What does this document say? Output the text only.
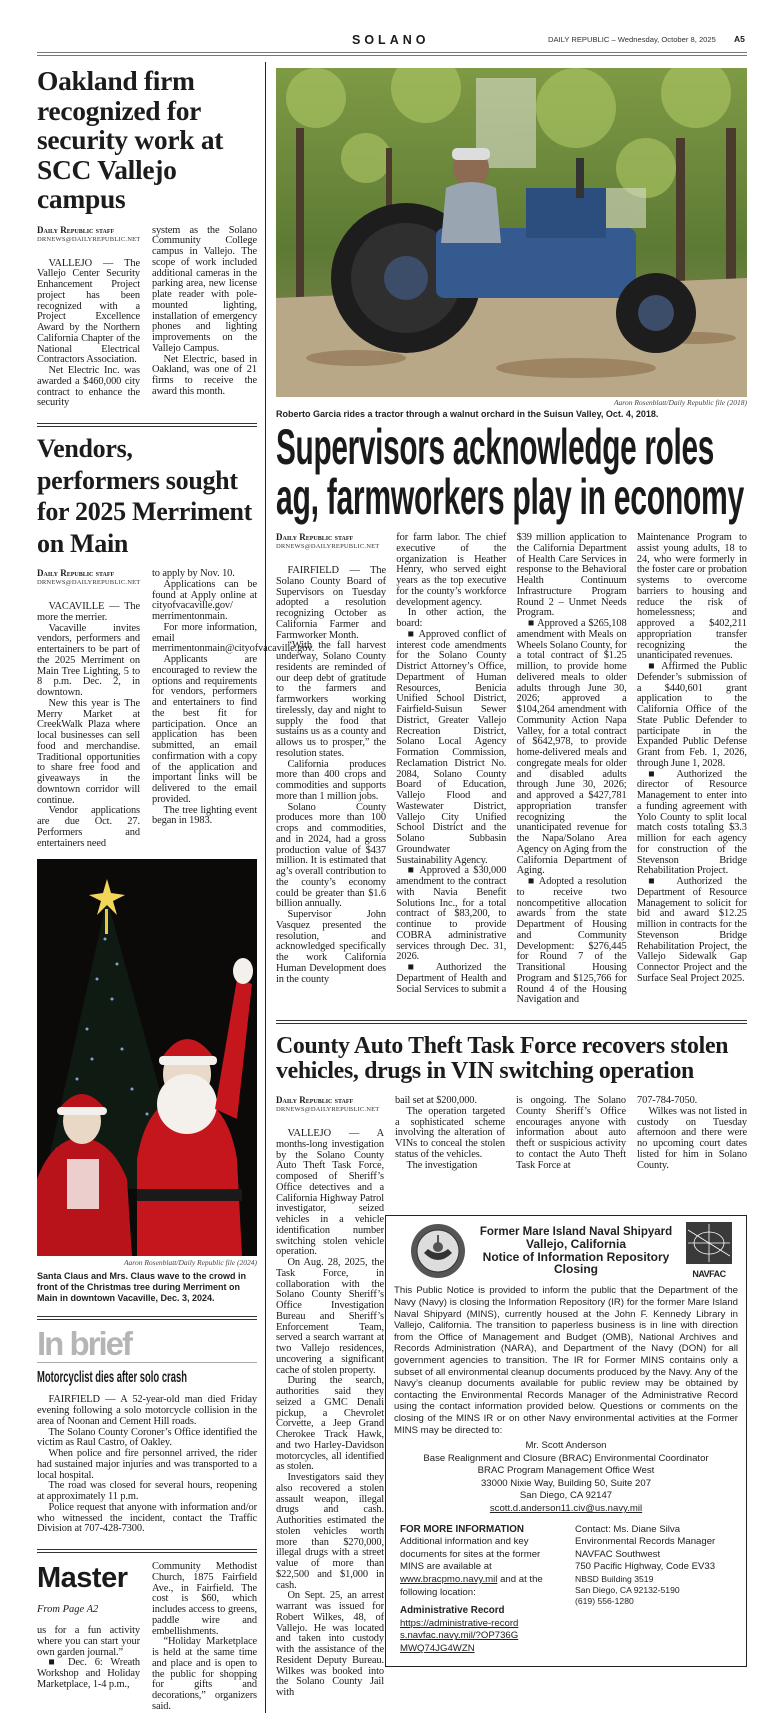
SOLANO	DAILY REPUBLIC – Wednesday, October 8, 2025 A5
Oakland firm recognized for security work at SCC Vallejo campus
Daily Republic staff
DRNEWS@DAILYREPUBLIC.NET

VALLEJO — The Vallejo Center Security Enhancement Project project has been recognized with a Project Excellence Award by the Northern California Chapter of the National Electrical Contractors Association.

Net Electric Inc. was awarded a $460,000 city contract to enhance the security

system as the Solano Community College campus in Vallejo. The scope of work included additional cameras in the parking area, new license plate reader with pole-mounted lighting, installation of emergency phones and lighting improvements on the Vallejo Campus.

Net Electric, based in Oakland, was one of 21 firms to receive the award this month.

Vendors, performers sought for 2025 Merriment on Main
Daily Republic staff
DRNEWS@DAILYREPUBLIC.NET

VACAVILLE — The more the merrier.

Vacaville invites vendors, performers and entertainers to be part of the 2025 Merriment on Main Tree Lighting, 5 to 8 p.m. Dec. 2, in downtown.

New this year is The Merry Market at CreekWalk Plaza where local businesses can sell food and merchandise. Traditional opportunities to share free food and giveaways in the downtown corridor will continue.

Vendor applications are due Oct. 27. Performers and entertainers need

to apply by Nov. 10.

Applications can be found at Apply online at cityofvacaville.gov/ merrimentonmain.

For more information, email merrimentonmain@cityofvacaville.gov.

Applicants are encouraged to review the options and requirements for vendors, performers and entertainers to find the best fit for participation. Once an application has been submitted, an email confirmation with a copy of the application and important links will be delivered to the email provided.

The tree lighting event began in 1983.

Aaron Rosenblatt/Daily Republic file (2024)
Santa Claus and Mrs. Claus wave to the crowd in front of the Christmas tree during Merriment on Main in downtown Vacaville, Dec. 3, 2024.
In brief
Motorcyclist dies after solo crash

FAIRFIELD — A 52-year-old man died Friday evening following a solo motorcycle collision in the area of Noonan and Cement Hill roads.

The Solano County Coroner’s Office identified the victim as Raul Castro, of Oakley.

When police and fire personnel arrived, the rider had sustained major injuries and was transported to a local hospital.

The road was closed for several hours, reopening at approximately 11 p.m.

Police request that anyone with information and/or who witnessed the incident, contact the Traffic Division at 707-428-7300.

Master
From Page A2

us for a fun activity where you can start your own garden journal.”

■ Dec. 6: Wreath Workshop and Holiday Marketplace, 1-4 p.m.,

Community Methodist Church, 1875 Fairfield Ave., in Fairfield. The cost is $60, which includes access to greens, paddle wire and embellishments.

“Holiday Marketplace is held at the same time and place and is open to the public for shopping for gifts and decorations,” organizers said.

Aaron Rosenblatt/Daily Republic file (2018)
Roberto Garcia rides a tractor through a walnut orchard in the Suisun Valley, Oct. 4, 2018.
Supervisors acknowledge roles
ag, farmworkers play in economy
Daily Republic staff
DRNEWS@DAILYREPUBLIC.NET

FAIRFIELD — The Solano County Board of Supervisors on Tuesday adopted a resolution recognizing October as California Farmer and Farmworker Month.

“With the fall harvest underway, Solano County residents are reminded of our deep debt of gratitude to the farmers and farmworkers working tirelessly, day and night to supply the food that sustains us as a county and allows us to prosper,” the resolution states.

California produces more than 400 crops and commodities and supports more than 1 million jobs.

Solano County produces more than 100 crops and commodities, and in 2024, had a gross production value of $437 million. It is estimated that ag’s overall contribution to the county’s economy could be greater than $1.6 billion annually.

Supervisor John Vasquez presented the resolution, and acknowledged specifically the work California Human Development does in the county

for farm labor. The chief executive of the organization is Heather Henry, who served eight years as the top executive for the county’s workforce development agency.

In other action, the board:

■ Approved conflict of interest code amendments for the Solano County District Attorney’s Office, Department of Human Resources, Benicia Unified School District, Fairfield-Suisun Sewer District, Greater Vallejo Recreation District, Solano Local Agency Formation Commission, Reclamation District No. 2084, Solano County Board of Education, Vallejo Flood and Wastewater District, Vallejo City Unified School District and the Solano Subbasin Groundwater Sustainability Agency.

■ Approved a $30,000 amendment to the contract with Navia Benefit Solutions Inc., for a total contract of $83,200, to continue to provide COBRA administrative services through Dec. 31, 2026.

■ Authorized the Department of Health and Social Services to submit a

$39 million application to the California Department of Health Care Services in response to the Behavioral Health Continuum Infrastructure Program Round 2 – Unmet Needs Program.

■ Approved a $265,108 amendment with Meals on Wheels Solano County, for a total contract of $1.25 million, to provide home delivered meals to older adults through June 30, 2026; approved a $104,264 amendment with Community Action Napa Valley, for a total contract of $642,978, to provide home-delivered meals and congregate meals for older and disabled adults through June 30, 2026; and approved a $427,781 appropriation transfer recognizing the unanticipated revenue for the Napa/Solano Area Agency on Aging from the California Department of Aging.

■ Adopted a resolution to receive two noncompetitive allocation awards from the state Department of Housing and Community Development: $276,445 for Round 7 of the Transitional Housing Program and $125,766 for Round 4 of the Housing Navigation and

Maintenance Program to assist young adults, 18 to 24, who were formerly in the foster care or probation systems to overcome barriers to housing and reduce the risk of homelessness; and approved a $402,211 appropriation transfer recognizing the unanticipated revenues.

■ Affirmed the Public Defender’s submission of a $440,601 grant application to the California Office of the State Public Defender to participate in the Expanded Public Defense Grant from Feb. 1, 2026, through June 1, 2028.

■ Authorized the director of Resource Management to enter into a funding agreement with Yolo County to split local match costs totaling $3.3 million for each agency for construction of the Stevenson Bridge Rehabilitation Project.

■ Authorized the Department of Resource Management to solicit for bid and award $12.25 million in contracts for the Stevenson Bridge Rehabilitation Project, the Vallejo Sidewalk Gap Connector Project and the Surface Seal Project 2025.

County Auto Theft Task Force recovers stolen vehicles, drugs in VIN switching operation
Daily Republic staff
DRNEWS@DAILYREPUBLIC.NET

VALLEJO — A months-long investigation by the Solano County Auto Theft Task Force, composed of Sheriff’s Office detectives and a California Highway Patrol investigator, seized vehicles in a vehicle identification number switching stolen vehicle operation.

On Aug. 28, 2025, the Task Force, in collaboration with the Solano County Sheriff’s Office Investigation Bureau and Sheriff’s Enforcement Team, served a search warrant at two Vallejo residences, uncovering a significant cache of stolen property.

During the search, authorities said they seized a GMC Denali pickup, a Chevrolet Corvette, a Jeep Grand Cherokee Track Hawk, and two Harley-Davidson motorcycles, all identified as stolen.

Investigators said they also recovered a stolen assault weapon, illegal drugs and cash. Authorities estimated the stolen vehicles worth more than $270,000, illegal drugs with a street value of more than $22,500 and $1,000 in cash.

On Sept. 25, an arrest warrant was issued for Robert Wilkes, 48, of Vallejo. He was located and taken into custody with the assistance of the Resident Deputy Bureau. Wilkes was booked into the Solano County Jail with

bail set at $200,000.

The operation targeted a sophisticated scheme involving the alteration of VINs to conceal the stolen status of the vehicles.

The investigation

is ongoing. The Solano County Sheriff’s Office encourages anyone with information about auto theft or suspicious activity to contact the Auto Theft Task Force at

707-784-7050.

Wilkes was not listed in custody on Tuesday afternoon and there were no upcoming court dates listed for him in Solano County.

Former Mare Island Naval Shipyard
Vallejo, California
Notice of Information Repository
Closing	NAVFAC
This Public Notice is provided to inform the public that the Department of the Navy (Navy) is closing the Information Repository (IR) for the former Mare Island Naval Shipyard (MINS), currently housed at the John F. Kennedy Library in Vallejo, California. The transition to paperless business is in line with direction from the Office of Management and Budget (OMB), National Archives and Records Administration (NARA), and Department of the Navy (DON) for all government agencies to transition. The IR for Former MINS contains only a subset of all environmental cleanup documents produced by the Navy. Any of the Navy’s cleanup documents available for public review may be obtained by contacting the Environmental Records Manager of the Administrative Record using the contact information provided below. Questions or comments on the closing of the MINS IR or on other Navy environmental activities at the Former MINS may be directed to:
Mr. Scott Anderson
Base Realignment and Closure (BRAC) Environmental Coordinator
BRAC Program Management Office West
33000 Nixie Way, Building 50, Suite 207
San Diego, CA 92147
scott.d.anderson11.civ@us.navy.mil
FOR MORE INFORMATION
Additional information and key documents for sites at the former MINS are available at www.bracpmo.navy.mil and at the following location:
Administrative Record

https://administrative-records.navfac.navy.mil/?OP736GMWQ74JG4WZN
Contact: Ms. Diane Silva
Environmental Records Manager
NAVFAC Southwest
750 Pacific Highway, Code EV33
NBSD Building 3519
San Diego, CA 92132-5190
(619) 556-1280
